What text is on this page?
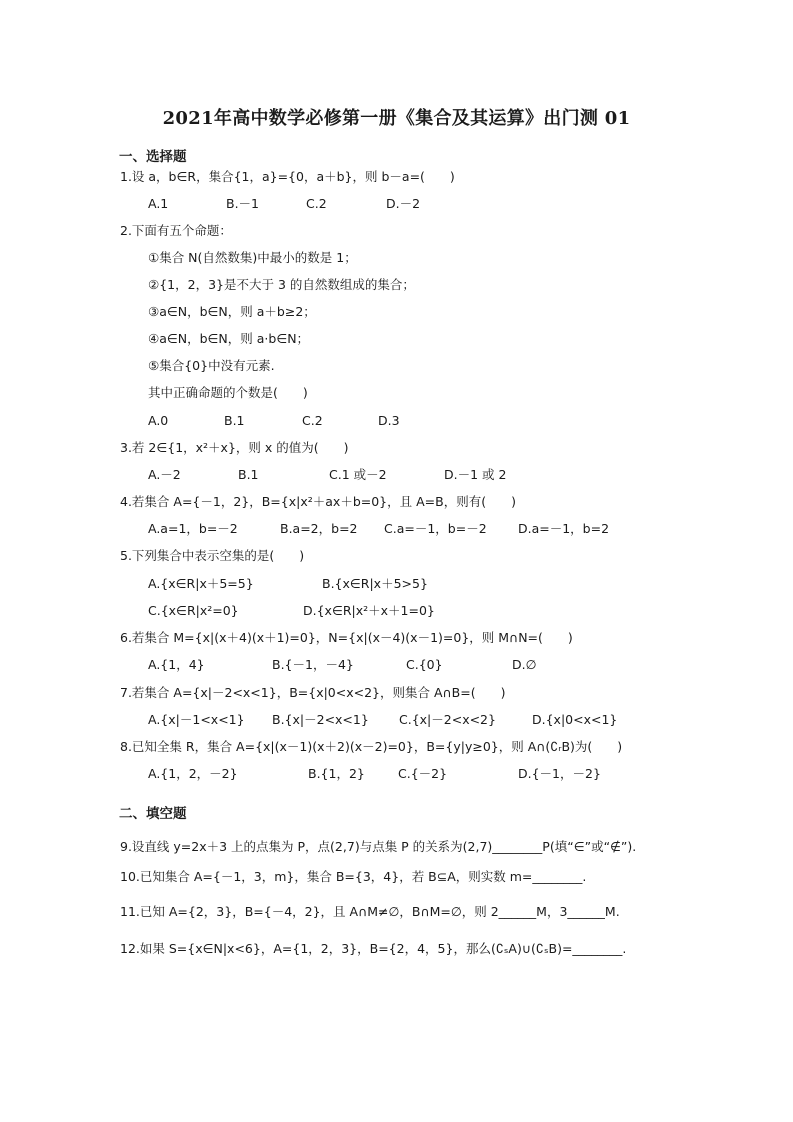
2021年高中数学必修第一册《集合及其运算》出门测 01
一、选择题
1.设 a，b∈R，集合{1，a}={0，a＋b}，则 b－a=(　　)
A.1	B.－1	C.2	D.－2
2.下面有五个命题：
①集合 N(自然数集)中最小的数是 1；
②{1，2，3}是不大于 3 的自然数组成的集合；
③a∈N，b∈N，则 a＋b≥2；
④a∈N，b∈N，则 a·b∈N；
⑤集合{0}中没有元素.
其中正确命题的个数是(　　)
A.0	B.1	C.2	D.3
3.若 2∈{1，x²＋x}，则 x 的值为(　　)
A.－2	B.1	C.1 或－2	D.－1 或 2
4.若集合 A={－1，2}，B={x|x²＋ax＋b=0}，且 A=B，则有(　　)
A.a=1，b=－2	B.a=2，b=2 C.a=－1，b=－2	D.a=－1，b=2
5.下列集合中表示空集的是(　　)
A.{x∈R|x＋5=5}	B.{x∈R|x＋5>5}
C.{x∈R|x²=0}	D.{x∈R|x²＋x＋1=0}
6.若集合 M={x|(x＋4)(x＋1)=0}，N={x|(x－4)(x－1)=0}，则 M∩N=(　　)
A.{1，4}	B.{－1，－4}	C.{0}	D.∅
7.若集合 A={x|－2<x<1}，B={x|0<x<2}，则集合 A∩B=(　　)
A.{x|－1<x<1} B.{x|－2<x<1} C.{x|－2<x<2}	D.{x|0<x<1}
8.已知全集 R，集合 A={x|(x－1)(x＋2)(x－2)=0}，B={y|y≥0}，则 A∩(∁ᵣB)为(　　)
A.{1，2，－2}	B.{1，2}	C.{－2}	D.{－1，－2}
二、填空题
9.设直线 y=2x＋3 上的点集为 P，点(2,7)与点集 P 的关系为(2,7)________P(填“∈”或“∉”).
10.已知集合 A={－1，3，m}，集合 B={3，4}，若 B⊆A，则实数 m=________.
11.已知 A={2，3}，B={－4，2}，且 A∩M≠∅，B∩M=∅，则 2______M，3______M.
12.如果 S={x∈N|x<6}，A={1，2，3}，B={2，4，5}，那么(∁ₛA)∪(∁ₛB)=________.
